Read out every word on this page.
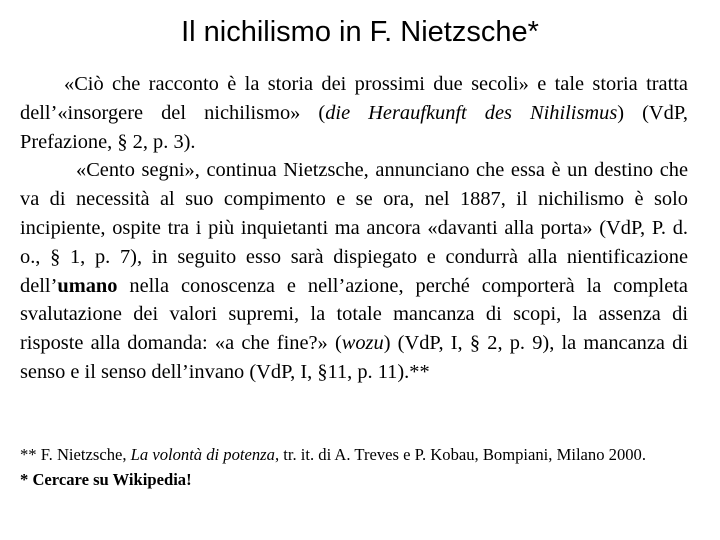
Il nichilismo in F. Nietzsche*

«Ciò che racconto è la storia dei prossimi due secoli» e tale storia tratta dell’«insorgere del nichilismo» (die Heraufkunft des Nihilismus) (VdP, Prefazione, § 2, p. 3).

«Cento segni», continua Nietzsche, annunciano che essa è un destino che va di necessità al suo compimento e se ora, nel 1887, il nichilismo è solo incipiente, ospite tra i più inquietanti ma ancora «davanti alla porta» (VdP, P. d. o., § 1, p. 7), in seguito esso sarà dispiegato e condurrà alla nientificazione dell’umano nella conoscenza e nell’azione, perché comporterà la completa svalutazione dei valori supremi, la totale mancanza di scopi, la assenza di risposte alla domanda: «a che fine?» (wozu) (VdP, I, § 2, p. 9), la mancanza di senso e il senso dell’invano (VdP, I, §11, p. 11).**

** F. Nietzsche, La volontà di potenza, tr. it. di A. Treves e P. Kobau, Bompiani, Milano 2000.

* Cercare su Wikipedia!
